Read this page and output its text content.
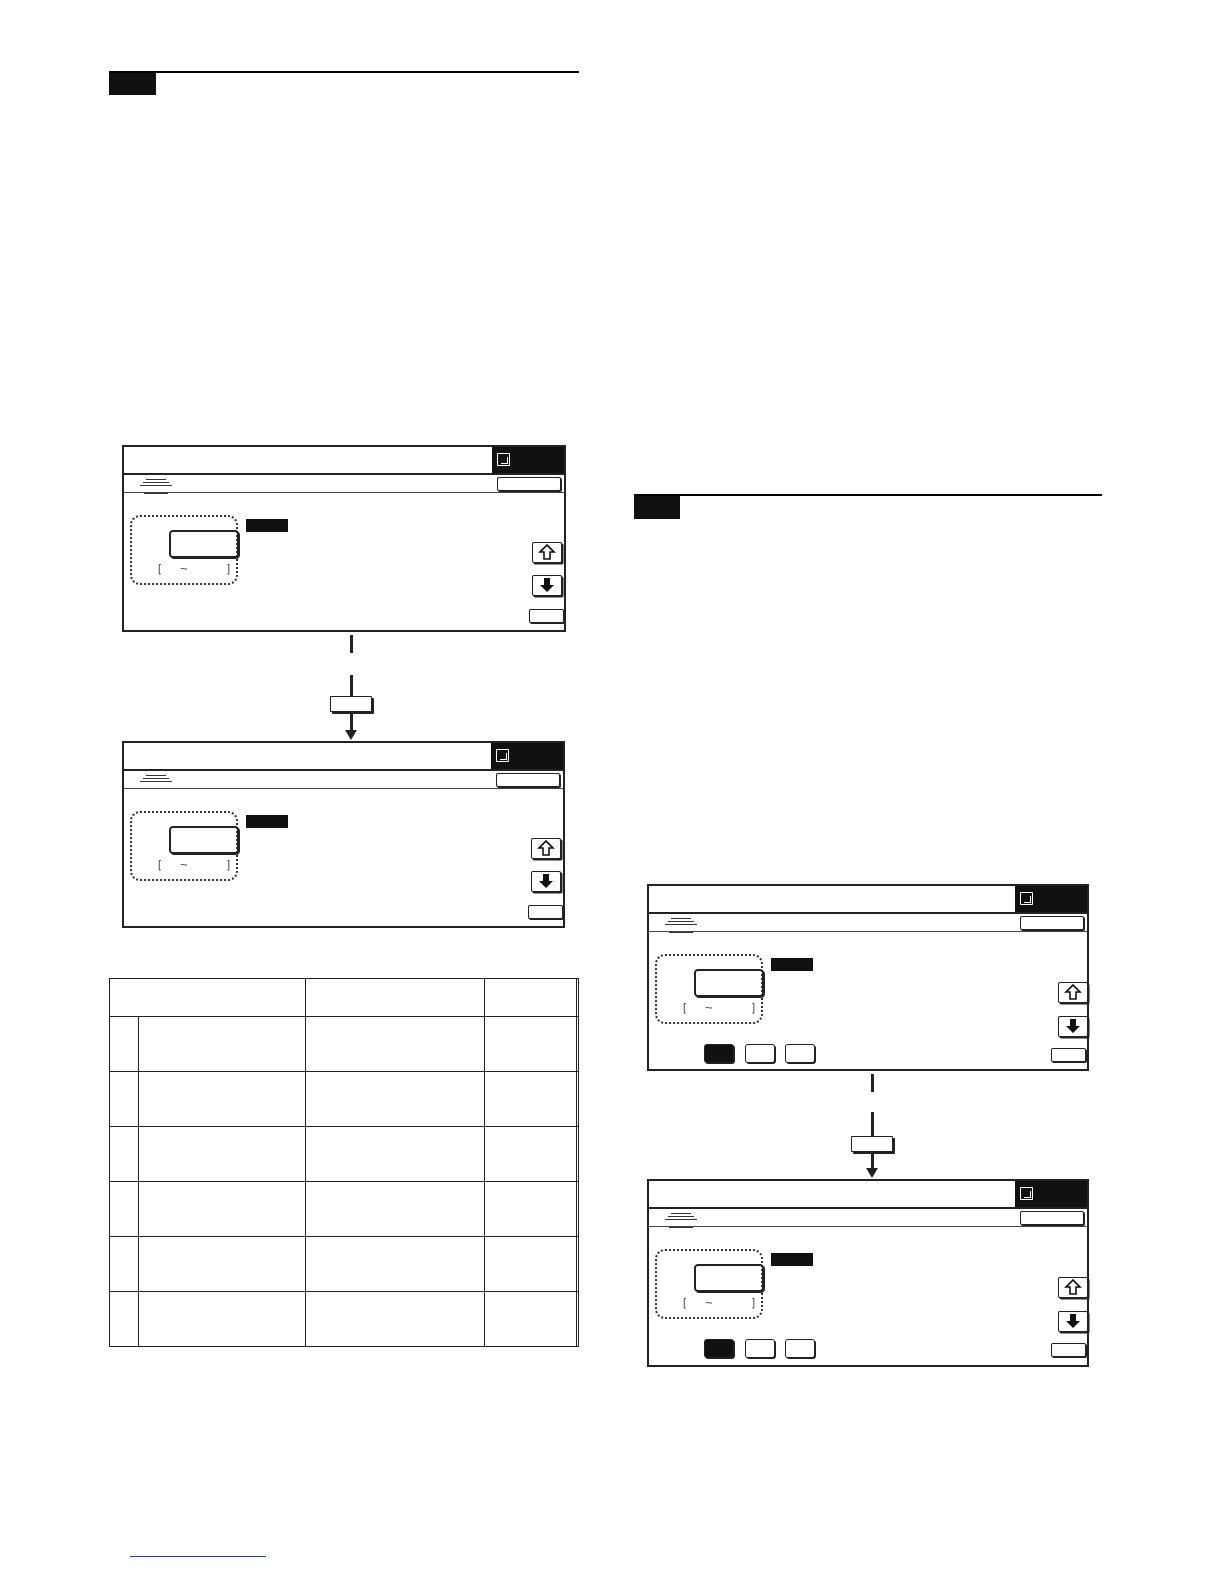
[ ~	]
[ ~	]

[ ~	]
[ ~	]
